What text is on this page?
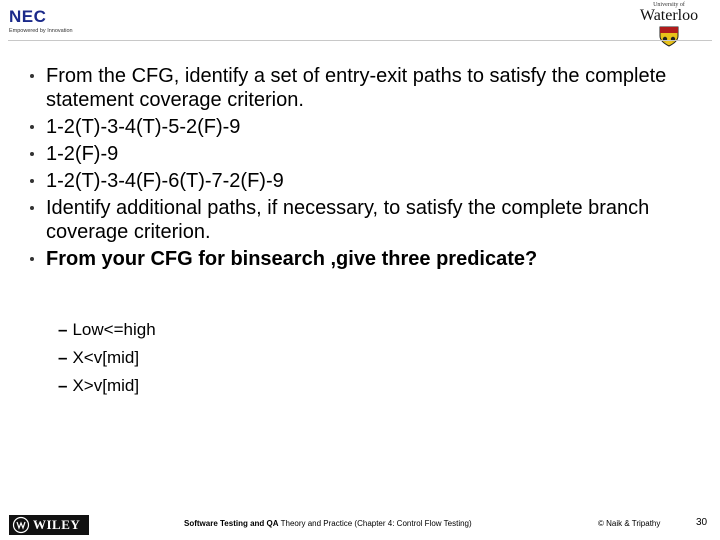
NEC
Empowered by Innovation
University of
Waterloo
From the CFG, identify a set of entry-exit paths to satisfy the complete statement coverage criterion.
1-2(T)-3-4(T)-5-2(F)-9
1-2(F)-9
1-2(T)-3-4(F)-6(T)-7-2(F)-9
Identify additional paths, if necessary, to satisfy the complete branch coverage criterion.
From your CFG for binsearch ,give three predicate?
– Low<=high
– X<v[mid]
– X>v[mid]
WILEY	Software Testing and QA Theory and Practice (Chapter 4: Control Flow Testing)	© Naik & Tripathy	30
